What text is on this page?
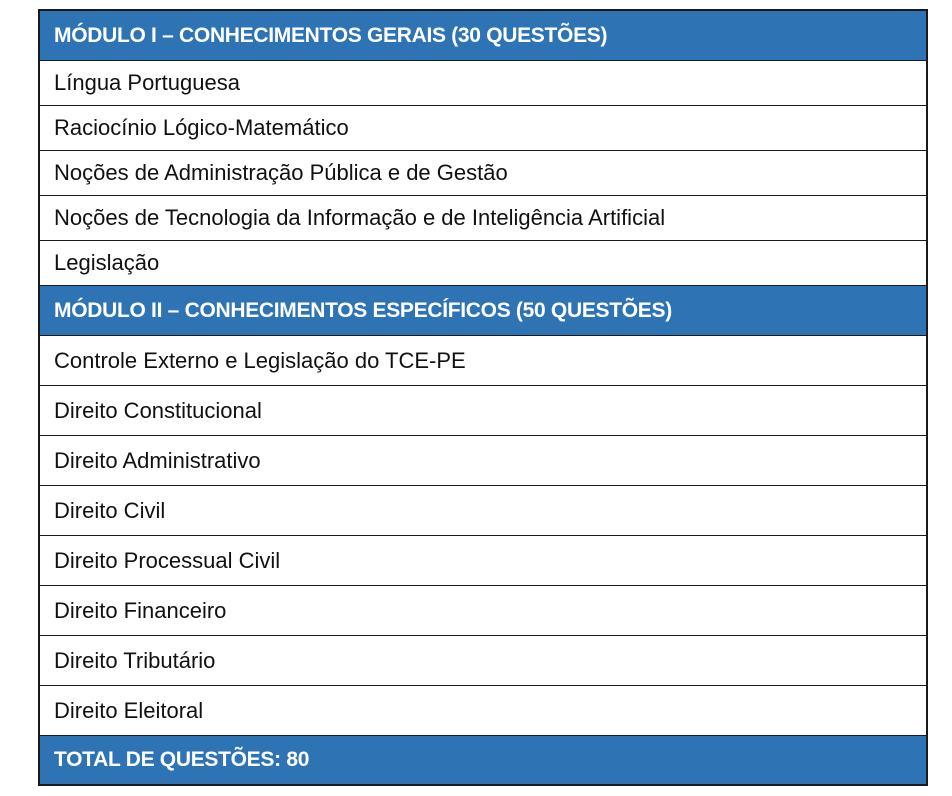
MÓDULO I – CONHECIMENTOS GERAIS (30 QUESTÕES)
Língua Portuguesa
Raciocínio Lógico-Matemático
Noções de Administração Pública e de Gestão
Noções de Tecnologia da Informação e de Inteligência Artificial
Legislação
MÓDULO II – CONHECIMENTOS ESPECÍFICOS (50 QUESTÕES)
Controle Externo e Legislação do TCE-PE
Direito Constitucional
Direito Administrativo
Direito Civil
Direito Processual Civil
Direito Financeiro
Direito Tributário
Direito Eleitoral
TOTAL DE QUESTÕES: 80
